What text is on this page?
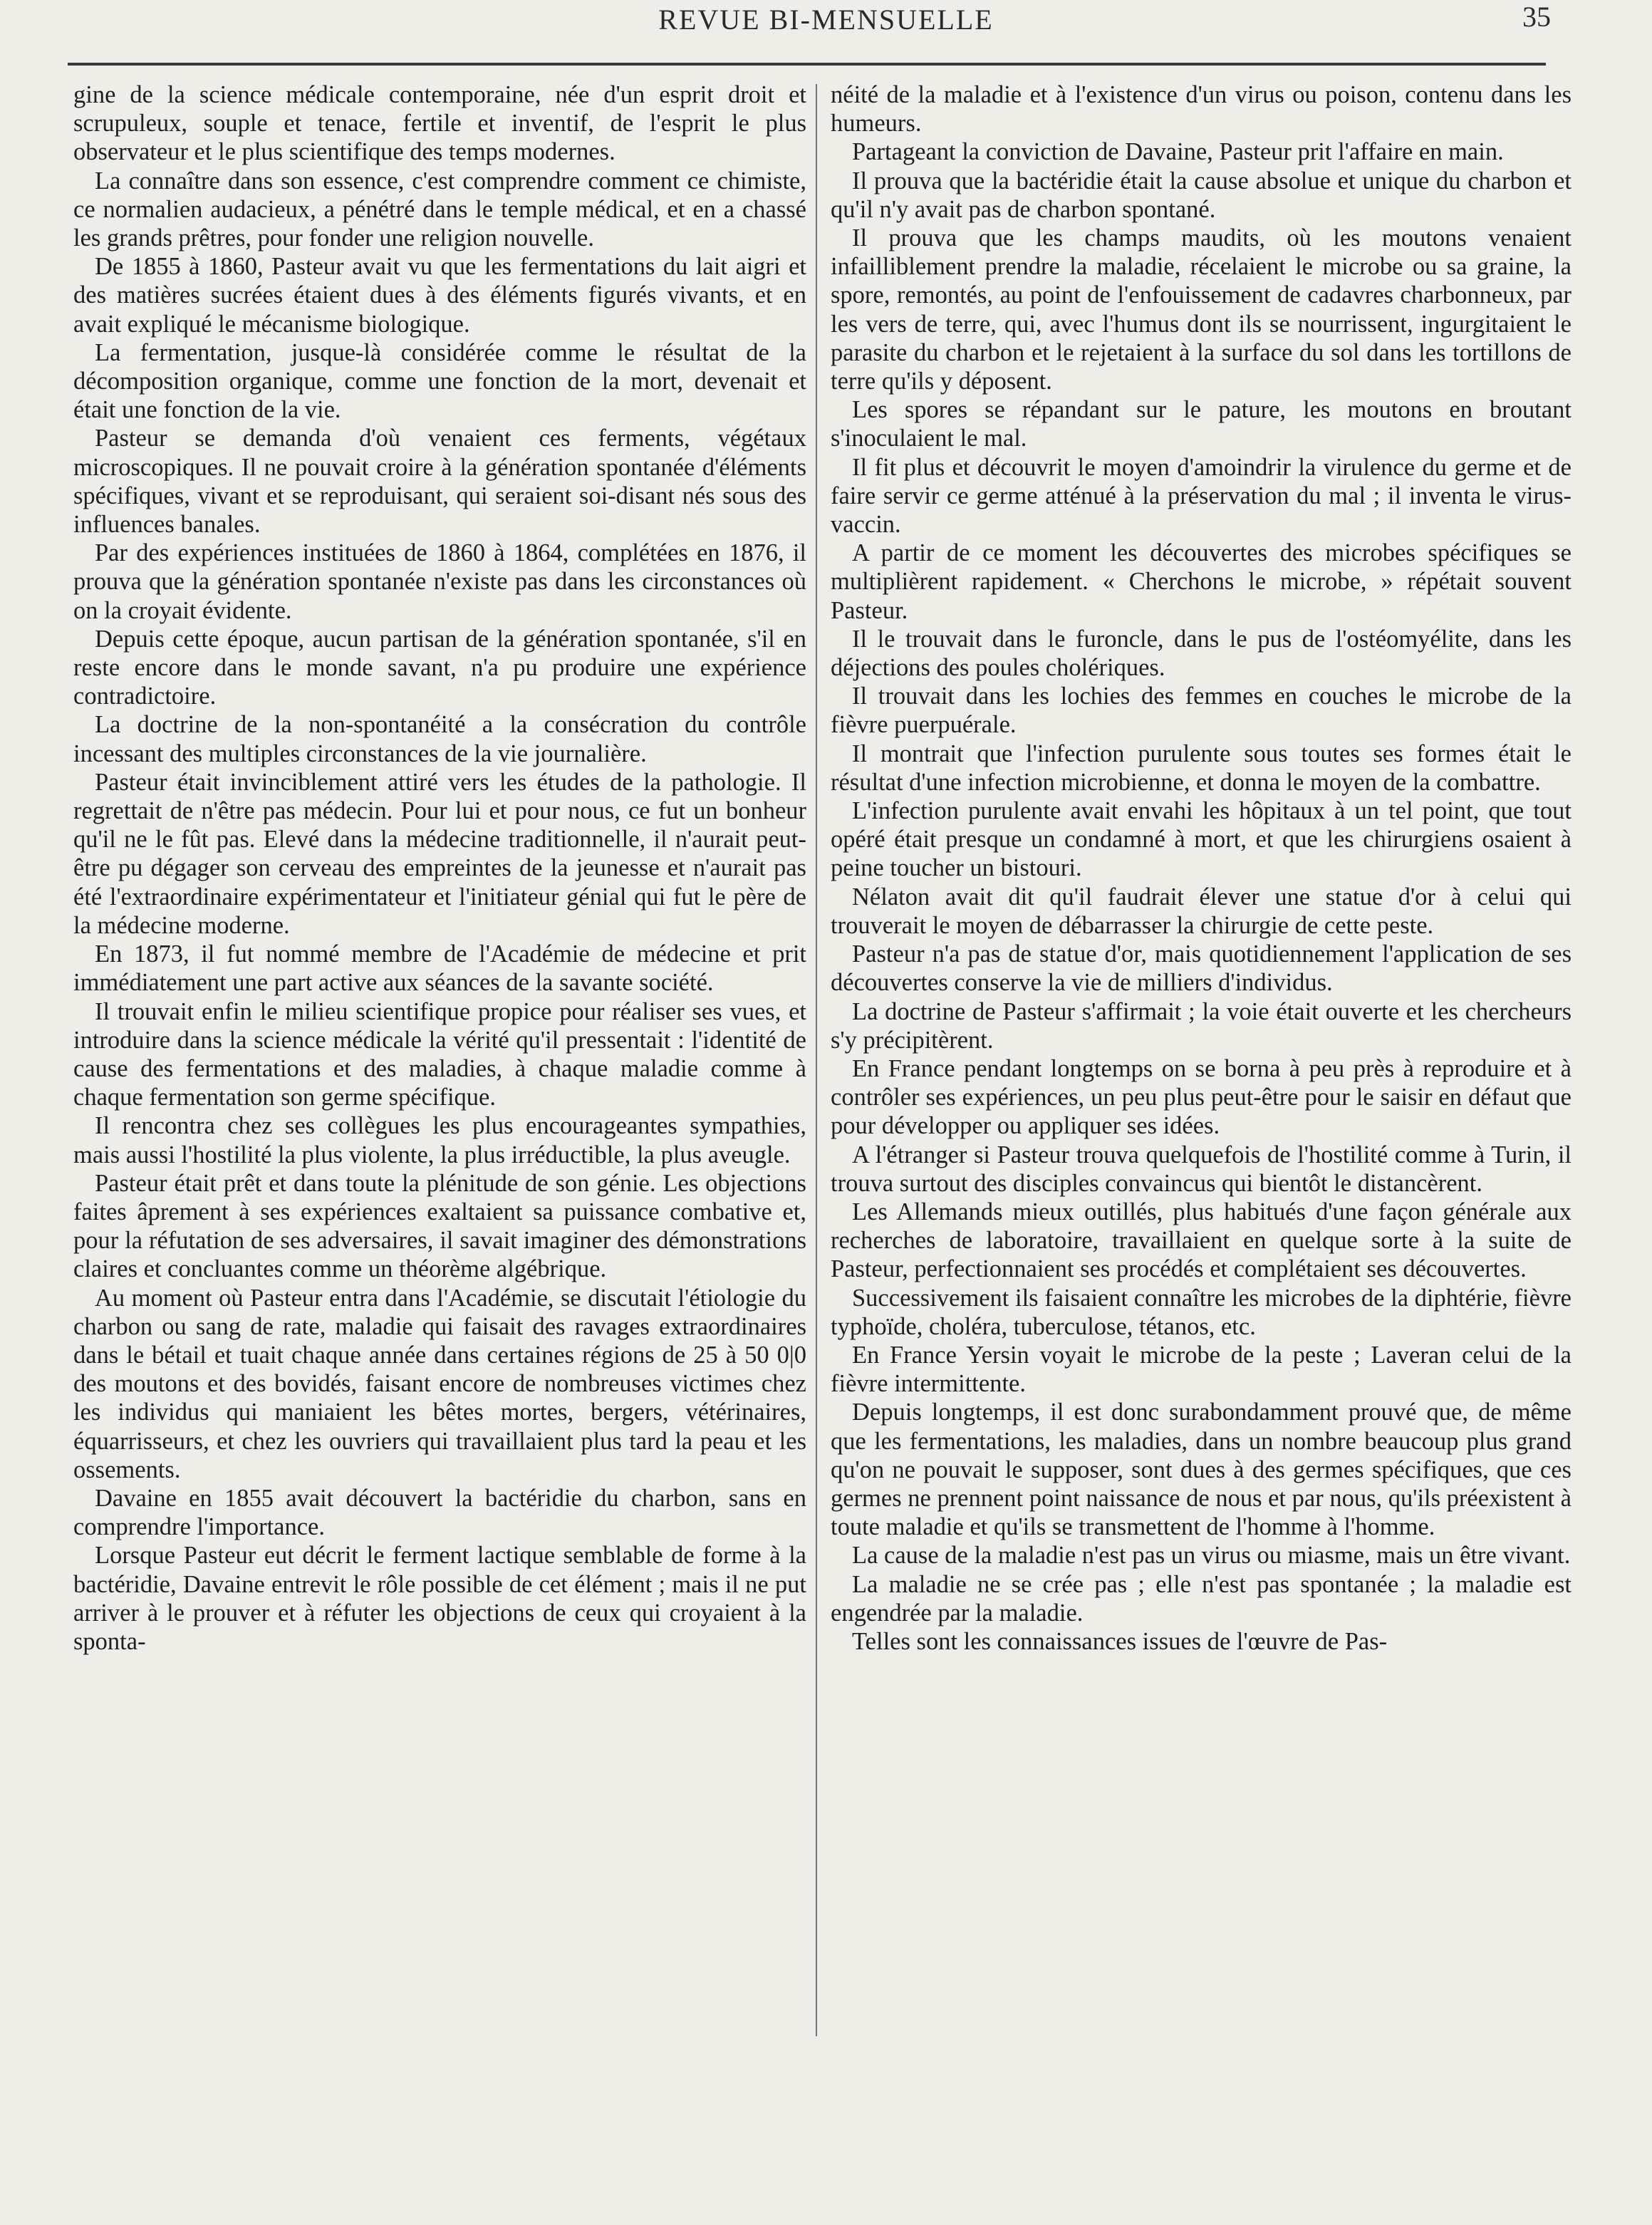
REVUE BI-MENSUELLE	35

gine de la science médicale contemporaine, née d'un esprit droit et scrupuleux, souple et tenace, fertile et inventif, de l'esprit le plus observateur et le plus scientifique des temps modernes.

La connaître dans son essence, c'est comprendre comment ce chimiste, ce normalien audacieux, a pénétré dans le temple médical, et en a chassé les grands prêtres, pour fonder une religion nouvelle.

De 1855 à 1860, Pasteur avait vu que les fermentations du lait aigri et des matières sucrées étaient dues à des éléments figurés vivants, et en avait expliqué le mécanisme biologique.

La fermentation, jusque-là considérée comme le résultat de la décomposition organique, comme une fonction de la mort, devenait et était une fonction de la vie.

Pasteur se demanda d'où venaient ces ferments, végétaux microscopiques. Il ne pouvait croire à la génération spontanée d'éléments spécifiques, vivant et se reproduisant, qui seraient soi-disant nés sous des influences banales.

Par des expériences instituées de 1860 à 1864, complétées en 1876, il prouva que la génération spontanée n'existe pas dans les circonstances où on la croyait évidente.

Depuis cette époque, aucun partisan de la génération spontanée, s'il en reste encore dans le monde savant, n'a pu produire une expérience contradictoire.

La doctrine de la non-spontanéité a la consécration du contrôle incessant des multiples circonstances de la vie journalière.

Pasteur était invinciblement attiré vers les études de la pathologie. Il regrettait de n'être pas médecin. Pour lui et pour nous, ce fut un bonheur qu'il ne le fût pas. Elevé dans la médecine traditionnelle, il n'aurait peut-être pu dégager son cerveau des empreintes de la jeunesse et n'aurait pas été l'extraordinaire expérimentateur et l'initiateur génial qui fut le père de la médecine moderne.

En 1873, il fut nommé membre de l'Académie de médecine et prit immédiatement une part active aux séances de la savante société.

Il trouvait enfin le milieu scientifique propice pour réaliser ses vues, et introduire dans la science médicale la vérité qu'il pressentait : l'identité de cause des fermentations et des maladies, à chaque maladie comme à chaque fermentation son germe spécifique.

Il rencontra chez ses collègues les plus encourageantes sympathies, mais aussi l'hostilité la plus violente, la plus irréductible, la plus aveugle.

Pasteur était prêt et dans toute la plénitude de son génie. Les objections faites âprement à ses expériences exaltaient sa puissance combative et, pour la réfutation de ses adversaires, il savait imaginer des démonstrations claires et concluantes comme un théorème algébrique.

Au moment où Pasteur entra dans l'Académie, se discutait l'étiologie du charbon ou sang de rate, maladie qui faisait des ravages extraordinaires dans le bétail et tuait chaque année dans certaines régions de 25 à 50 0|0 des moutons et des bovidés, faisant encore de nombreuses victimes chez les individus qui maniaient les bêtes mortes, bergers, vétérinaires, équarrisseurs, et chez les ouvriers qui travaillaient plus tard la peau et les ossements.

Davaine en 1855 avait découvert la bactéridie du charbon, sans en comprendre l'importance.

Lorsque Pasteur eut décrit le ferment lactique semblable de forme à la bactéridie, Davaine entrevit le rôle possible de cet élément ; mais il ne put arriver à le prouver et à réfuter les objections de ceux qui croyaient à la sponta-

néité de la maladie et à l'existence d'un virus ou poison, contenu dans les humeurs.

Partageant la conviction de Davaine, Pasteur prit l'affaire en main.

Il prouva que la bactéridie était la cause absolue et unique du charbon et qu'il n'y avait pas de charbon spontané.

Il prouva que les champs maudits, où les moutons venaient infailliblement prendre la maladie, récelaient le microbe ou sa graine, la spore, remontés, au point de l'enfouissement de cadavres charbonneux, par les vers de terre, qui, avec l'humus dont ils se nourrissent, ingurgitaient le parasite du charbon et le rejetaient à la surface du sol dans les tortillons de terre qu'ils y déposent.

Les spores se répandant sur le pature, les moutons en broutant s'inoculaient le mal.

Il fit plus et découvrit le moyen d'amoindrir la virulence du germe et de faire servir ce germe atténué à la préservation du mal ; il inventa le virus-vaccin.

A partir de ce moment les découvertes des microbes spécifiques se multiplièrent rapidement. « Cherchons le microbe, » répétait souvent Pasteur.

Il le trouvait dans le furoncle, dans le pus de l'ostéomyélite, dans les déjections des poules cholériques.

Il trouvait dans les lochies des femmes en couches le microbe de la fièvre puerpuérale.

Il montrait que l'infection purulente sous toutes ses formes était le résultat d'une infection microbienne, et donna le moyen de la combattre.

L'infection purulente avait envahi les hôpitaux à un tel point, que tout opéré était presque un condamné à mort, et que les chirurgiens osaient à peine toucher un bistouri.

Nélaton avait dit qu'il faudrait élever une statue d'or à celui qui trouverait le moyen de débarrasser la chirurgie de cette peste.

Pasteur n'a pas de statue d'or, mais quotidiennement l'application de ses découvertes conserve la vie de milliers d'individus.

La doctrine de Pasteur s'affirmait ; la voie était ouverte et les chercheurs s'y précipitèrent.

En France pendant longtemps on se borna à peu près à reproduire et à contrôler ses expériences, un peu plus peut-être pour le saisir en défaut que pour développer ou appliquer ses idées.

A l'étranger si Pasteur trouva quelquefois de l'hostilité comme à Turin, il trouva surtout des disciples convaincus qui bientôt le distancèrent.

Les Allemands mieux outillés, plus habitués d'une façon générale aux recherches de laboratoire, travaillaient en quelque sorte à la suite de Pasteur, perfectionnaient ses procédés et complétaient ses découvertes.

Successivement ils faisaient connaître les microbes de la diphtérie, fièvre typhoïde, choléra, tuberculose, tétanos, etc.

En France Yersin voyait le microbe de la peste ; Laveran celui de la fièvre intermittente.

Depuis longtemps, il est donc surabondamment prouvé que, de même que les fermentations, les maladies, dans un nombre beaucoup plus grand qu'on ne pouvait le supposer, sont dues à des germes spécifiques, que ces germes ne prennent point naissance de nous et par nous, qu'ils préexistent à toute maladie et qu'ils se transmettent de l'homme à l'homme.

La cause de la maladie n'est pas un virus ou miasme, mais un être vivant.

La maladie ne se crée pas ; elle n'est pas spontanée ; la maladie est engendrée par la maladie.

Telles sont les connaissances issues de l'œuvre de Pas-
